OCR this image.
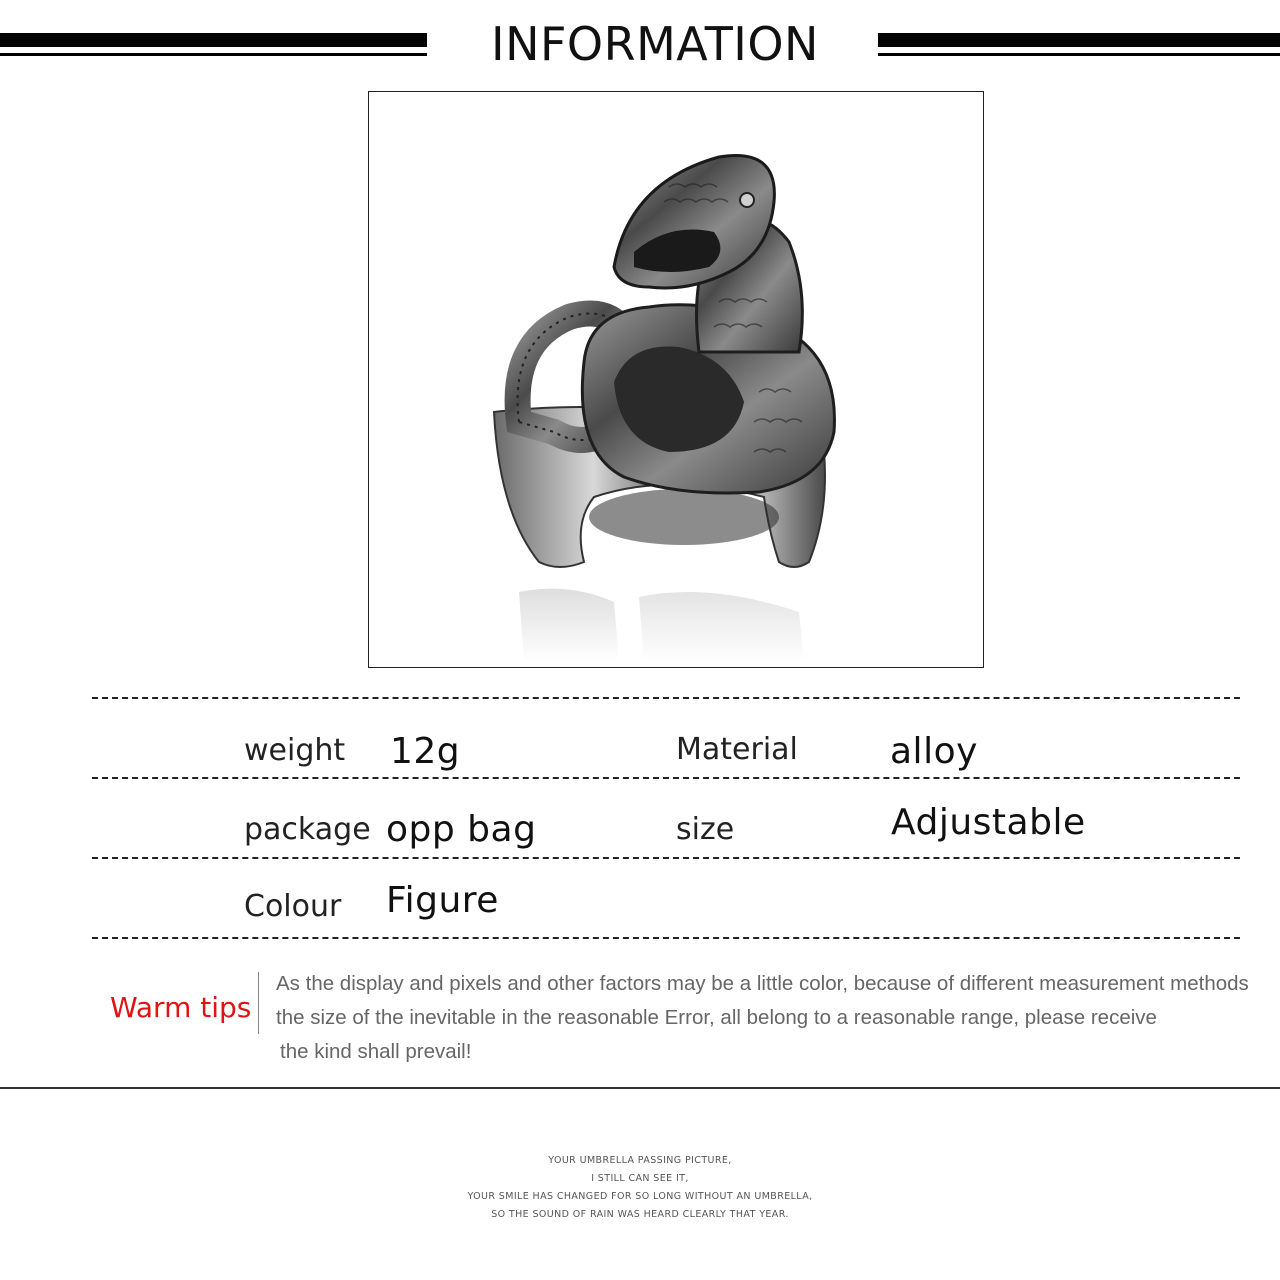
INFORMATION
weight 12g	Material	alloy
package opp bag	size	Adjustable
Colour Figure
Warm tips
As the display and pixels and other factors may be a little color, because of different measurement methods
the size of the inevitable in the reasonable Error, all belong to a reasonable range, please receive
the kind shall prevail!
YOUR UMBRELLA PASSING PICTURE,
I STILL CAN SEE IT,
YOUR SMILE HAS CHANGED FOR SO LONG WITHOUT AN UMBRELLA,
SO THE SOUND OF RAIN WAS HEARD CLEARLY THAT YEAR.
